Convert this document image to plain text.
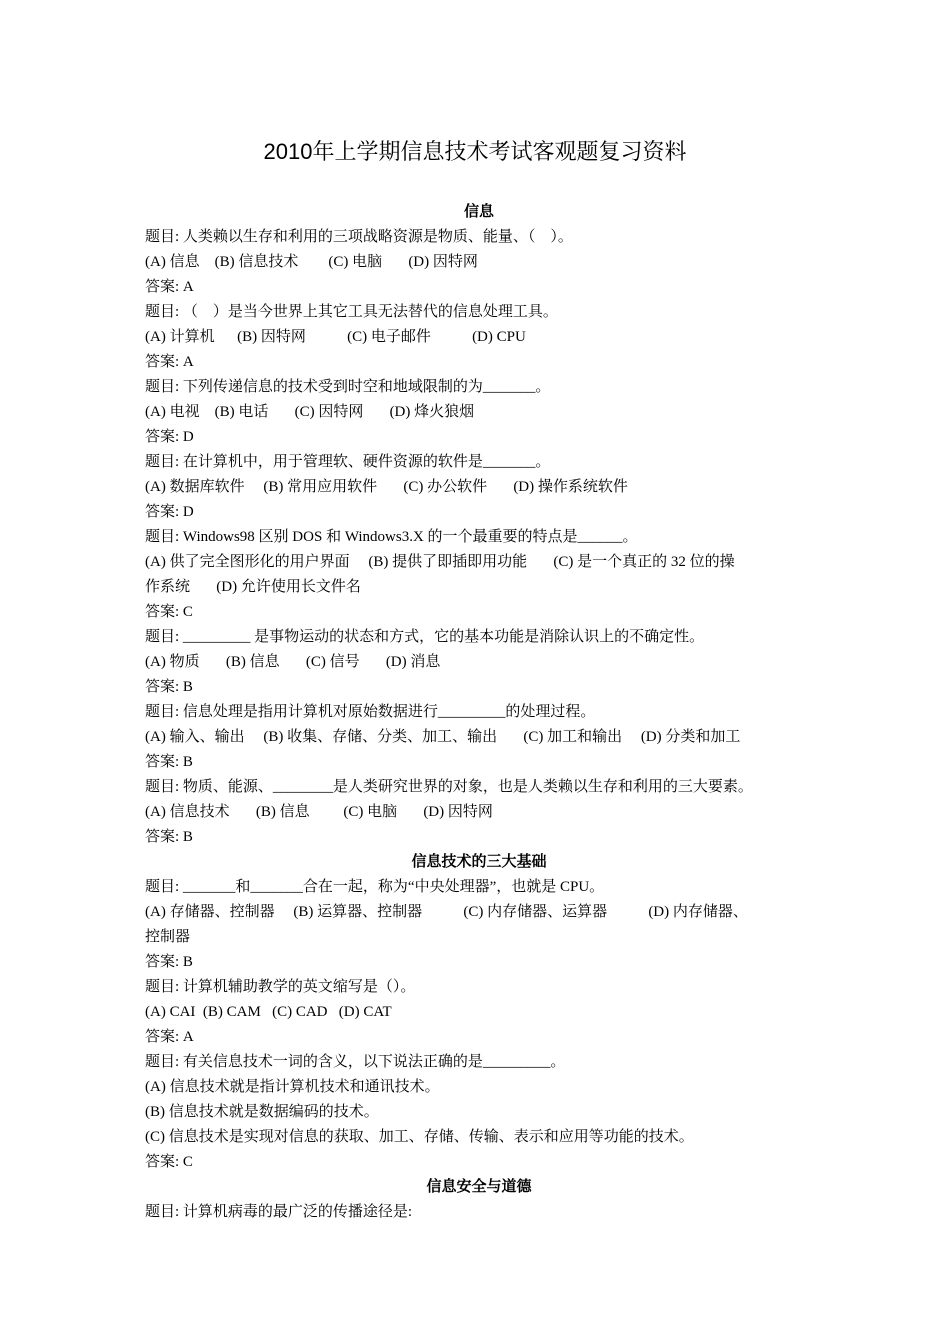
2010年上学期信息技术考试客观题复习资料
信息
题目: 人类赖以生存和利用的三项战略资源是物质、能量、（    ）。
(A) 信息    (B) 信息技术        (C) 电脑       (D) 因特网
答案: A
题目: （    ）是当今世界上其它工具无法替代的信息处理工具。
(A) 计算机      (B) 因特网           (C) 电子邮件           (D) CPU
答案: A
题目: 下列传递信息的技术受到时空和地域限制的为_______。
(A) 电视    (B) 电话       (C) 因特网       (D) 烽火狼烟
答案: D
题目: 在计算机中，用于管理软、硬件资源的软件是_______。
(A) 数据库软件     (B) 常用应用软件       (C) 办公软件       (D) 操作系统软件
答案: D
题目: Windows98 区别 DOS 和 Windows3.X 的一个最重要的特点是______。
(A) 供了完全图形化的用户界面     (B) 提供了即插即用功能       (C) 是一个真正的 32 位的操
作系统       (D) 允许使用长文件名
答案: C
题目: _________ 是事物运动的状态和方式，它的基本功能是消除认识上的不确定性。
(A) 物质       (B) 信息       (C) 信号       (D) 消息
答案: B
题目: 信息处理是指用计算机对原始数据进行_________的处理过程。
(A) 输入、输出     (B) 收集、存储、分类、加工、输出       (C) 加工和输出     (D) 分类和加工
答案: B
题目: 物质、能源、________是人类研究世界的对象，也是人类赖以生存和利用的三大要素。
(A) 信息技术       (B) 信息         (C) 电脑       (D) 因特网
答案: B
信息技术的三大基础
题目: _______和_______合在一起，称为“中央处理器”，也就是 CPU。
(A) 存储器、控制器     (B) 运算器、控制器           (C) 内存储器、运算器           (D) 内存储器、
控制器
答案: B
题目: 计算机辅助教学的英文缩写是（）。
(A) CAI  (B) CAM   (C) CAD   (D) CAT
答案: A
题目: 有关信息技术一词的含义，以下说法正确的是_________。
(A) 信息技术就是指计算机技术和通讯技术。
(B) 信息技术就是数据编码的技术。
(C) 信息技术是实现对信息的获取、加工、存储、传输、表示和应用等功能的技术。
答案: C
信息安全与道德
题目: 计算机病毒的最广泛的传播途径是:
